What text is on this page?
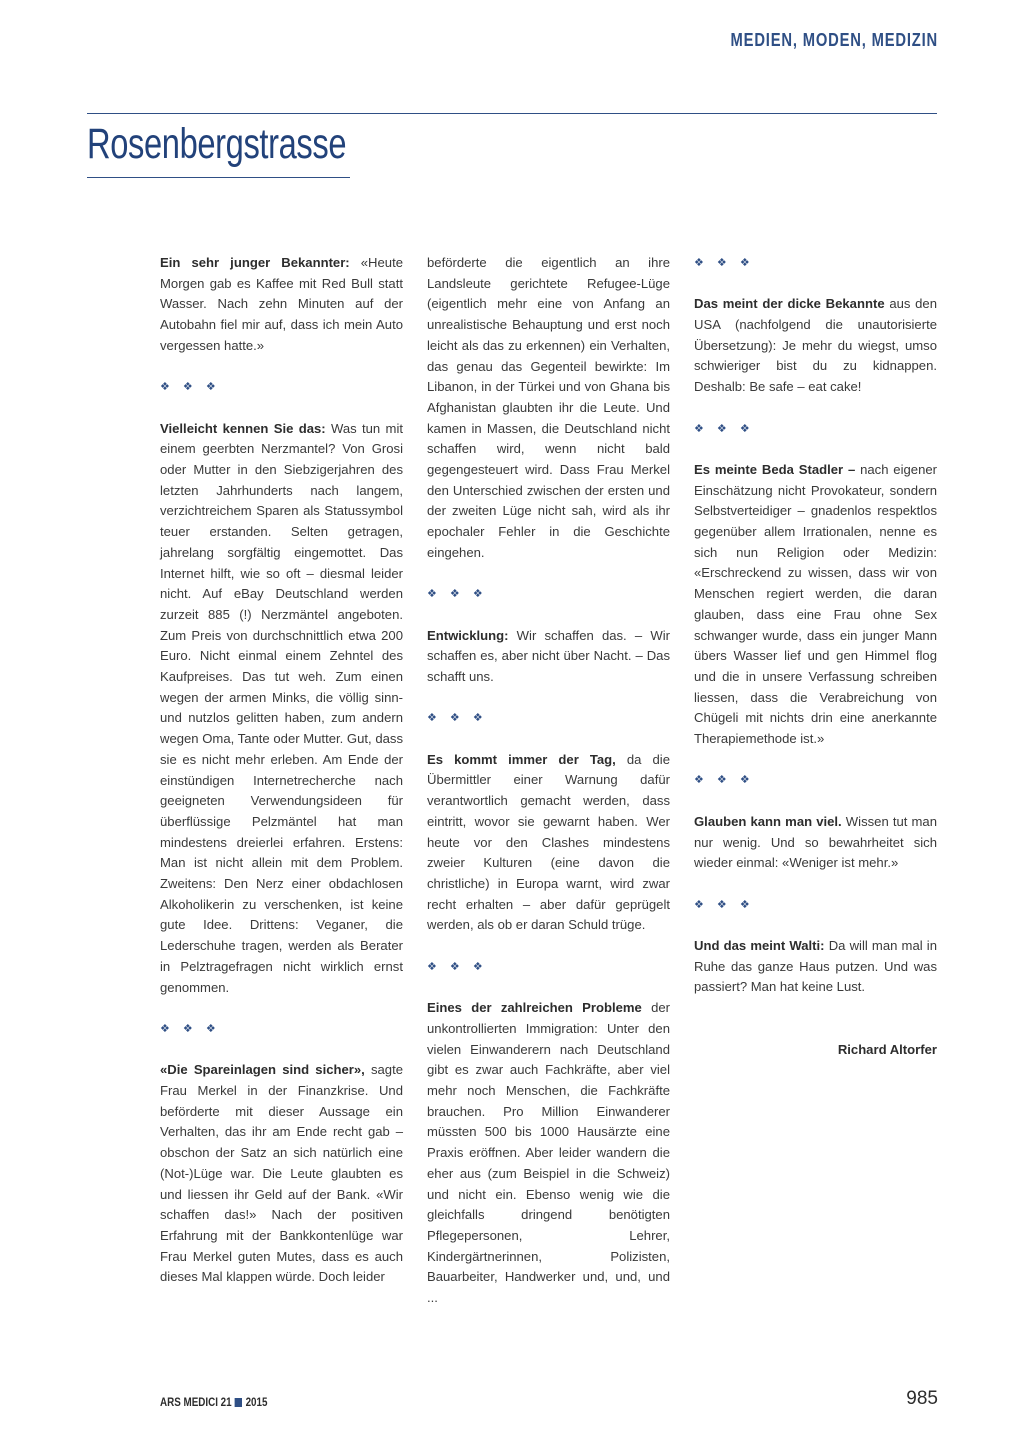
MEDIEN, MODEN, MEDIZIN
Rosenbergstrasse

Ein sehr junger Bekannter: «Heute Morgen gab es Kaffee mit Red Bull statt Wasser. Nach zehn Minuten auf der Autobahn fiel mir auf, dass ich mein Auto vergessen hatte.»

❖ ❖ ❖

Vielleicht kennen Sie das: Was tun mit einem geerbten Nerzmantel? Von Grosi oder Mutter in den Siebzigerjahren des letzten Jahrhunderts nach langem, verzichtreichem Sparen als Statussymbol teuer erstanden. Selten getragen, jahrelang sorgfältig eingemottet. Das Internet hilft, wie so oft – diesmal leider nicht. Auf eBay Deutschland werden zurzeit 885 (!) Nerzmäntel angeboten. Zum Preis von durchschnittlich etwa 200 Euro. Nicht einmal einem Zehntel des Kaufpreises. Das tut weh. Zum einen wegen der armen Minks, die völlig sinn- und nutzlos gelitten haben, zum andern wegen Oma, Tante oder Mutter. Gut, dass sie es nicht mehr erleben. Am Ende der einstündigen Internetrecherche nach geeigneten Verwendungsideen für überflüssige Pelzmäntel hat man mindestens dreierlei erfahren. Erstens: Man ist nicht allein mit dem Problem. Zweitens: Den Nerz einer obdachlosen Alkoholikerin zu verschenken, ist keine gute Idee. Drittens: Veganer, die Lederschuhe tragen, werden als Berater in Pelztragefragen nicht wirklich ernst genommen.

❖ ❖ ❖

«Die Spareinlagen sind sicher», sagte Frau Merkel in der Finanzkrise. Und beförderte mit dieser Aussage ein Verhalten, das ihr am Ende recht gab – obschon der Satz an sich natürlich eine (Not-)Lüge war. Die Leute glaubten es und liessen ihr Geld auf der Bank. «Wir schaffen das!» Nach der positiven Erfahrung mit der Bankkontenlüge war Frau Merkel guten Mutes, dass es auch dieses Mal klappen würde. Doch leider

beförderte die eigentlich an ihre Landsleute gerichtete Refugee-Lüge (eigentlich mehr eine von Anfang an unrealistische Behauptung und erst noch leicht als das zu erkennen) ein Verhalten, das genau das Gegenteil bewirkte: Im Libanon, in der Türkei und von Ghana bis Afghanistan glaubten ihr die Leute. Und kamen in Massen, die Deutschland nicht schaffen wird, wenn nicht bald gegengesteuert wird. Dass Frau Merkel den Unterschied zwischen der ersten und der zweiten Lüge nicht sah, wird als ihr epochaler Fehler in die Geschichte eingehen.

❖ ❖ ❖

Entwicklung: Wir schaffen das. – Wir schaffen es, aber nicht über Nacht. – Das schafft uns.

❖ ❖ ❖

Es kommt immer der Tag, da die Übermittler einer Warnung dafür verantwortlich gemacht werden, dass eintritt, wovor sie gewarnt haben. Wer heute vor den Clashes mindestens zweier Kulturen (eine davon die christliche) in Europa warnt, wird zwar recht erhalten – aber dafür geprügelt werden, als ob er daran Schuld trüge.

❖ ❖ ❖

Eines der zahlreichen Probleme der unkontrollierten Immigration: Unter den vielen Einwanderern nach Deutschland gibt es zwar auch Fachkräfte, aber viel mehr noch Menschen, die Fachkräfte brauchen. Pro Million Einwanderer müssten 500 bis 1000 Hausärzte eine Praxis eröffnen. Aber leider wandern die eher aus (zum Beispiel in die Schweiz) und nicht ein. Ebenso wenig wie die gleichfalls dringend benötigten Pflegepersonen, Lehrer, Kindergärtnerinnen, Polizisten, Bauarbeiter, Handwerker und, und, und ...

❖ ❖ ❖

Das meint der dicke Bekannte aus den USA (nachfolgend die unautorisierte Übersetzung): Je mehr du wiegst, umso schwieriger bist du zu kidnappen. Deshalb: Be safe – eat cake!

❖ ❖ ❖

Es meinte Beda Stadler – nach eigener Einschätzung nicht Provokateur, sondern Selbstverteidiger – gnadenlos respektlos gegenüber allem Irrationalen, nenne es sich nun Religion oder Medizin: «Erschreckend zu wissen, dass wir von Menschen regiert werden, die daran glauben, dass eine Frau ohne Sex schwanger wurde, dass ein junger Mann übers Wasser lief und gen Himmel flog und die in unsere Verfassung schreiben liessen, dass die Verabreichung von Chügeli mit nichts drin eine anerkannte Therapiemethode ist.»

❖ ❖ ❖

Glauben kann man viel. Wissen tut man nur wenig. Und so bewahrheitet sich wieder einmal: «Weniger ist mehr.»

❖ ❖ ❖

Und das meint Walti: Da will man mal in Ruhe das ganze Haus putzen. Und was passiert? Man hat keine Lust.

Richard Altorfer

ARS MEDICI 21 2015	985
